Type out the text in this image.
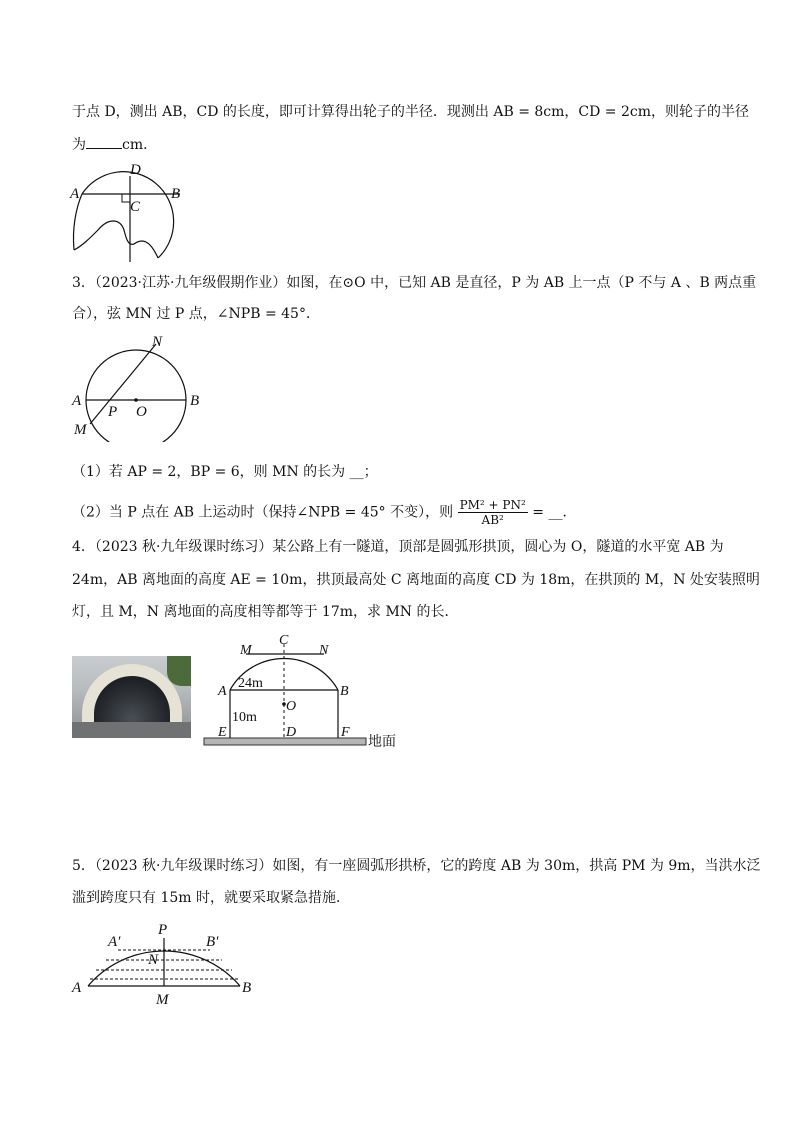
于点 D，测出 AB，CD 的长度，即可计算得出轮子的半径．现测出 AB = 8cm，CD = 2cm，则轮子的半径
为	cm．
D
A	B
C
3．（2023·江苏·九年级假期作业）如图，在⊙O 中，已知 AB 是直径，P 为 AB 上一点（P 不与 A 、B 两点重
合），弦 MN 过 P 点，∠NPB = 45°．
N
A	B
P O
M
（1）若 AP = 2，BP = 6，则 MN 的长为 __；
（2）当 P 点在 AB 上运动时（保持∠NPB = 45° 不变），则 $\frac{\text{PM² + PN²}}{\text{AB²}}$ = __．
4．（2023 秋·九年级课时练习）某公路上有一隧道，顶部是圆弧形拱顶，圆心为 O，隧道的水平宽 AB 为
24m，AB 离地面的高度 AE = 10m，拱顶最高处 C 离地面的高度 CD 为 18m，在拱顶的 M，N 处安装照明
灯，且 M，N 离地面的高度相等都等于 17m，求 MN 的长．
M
C
N
A	B
O
E	D	F
24m
10m
地面
5．（2023 秋·九年级课时练习）如图，有一座圆弧形拱桥，它的跨度 AB 为 30m，拱高 PM 为 9m，当洪水泛
滥到跨度只有 15m 时，就要采取紧急措施．
A′
P
B′
N
A	B
M
